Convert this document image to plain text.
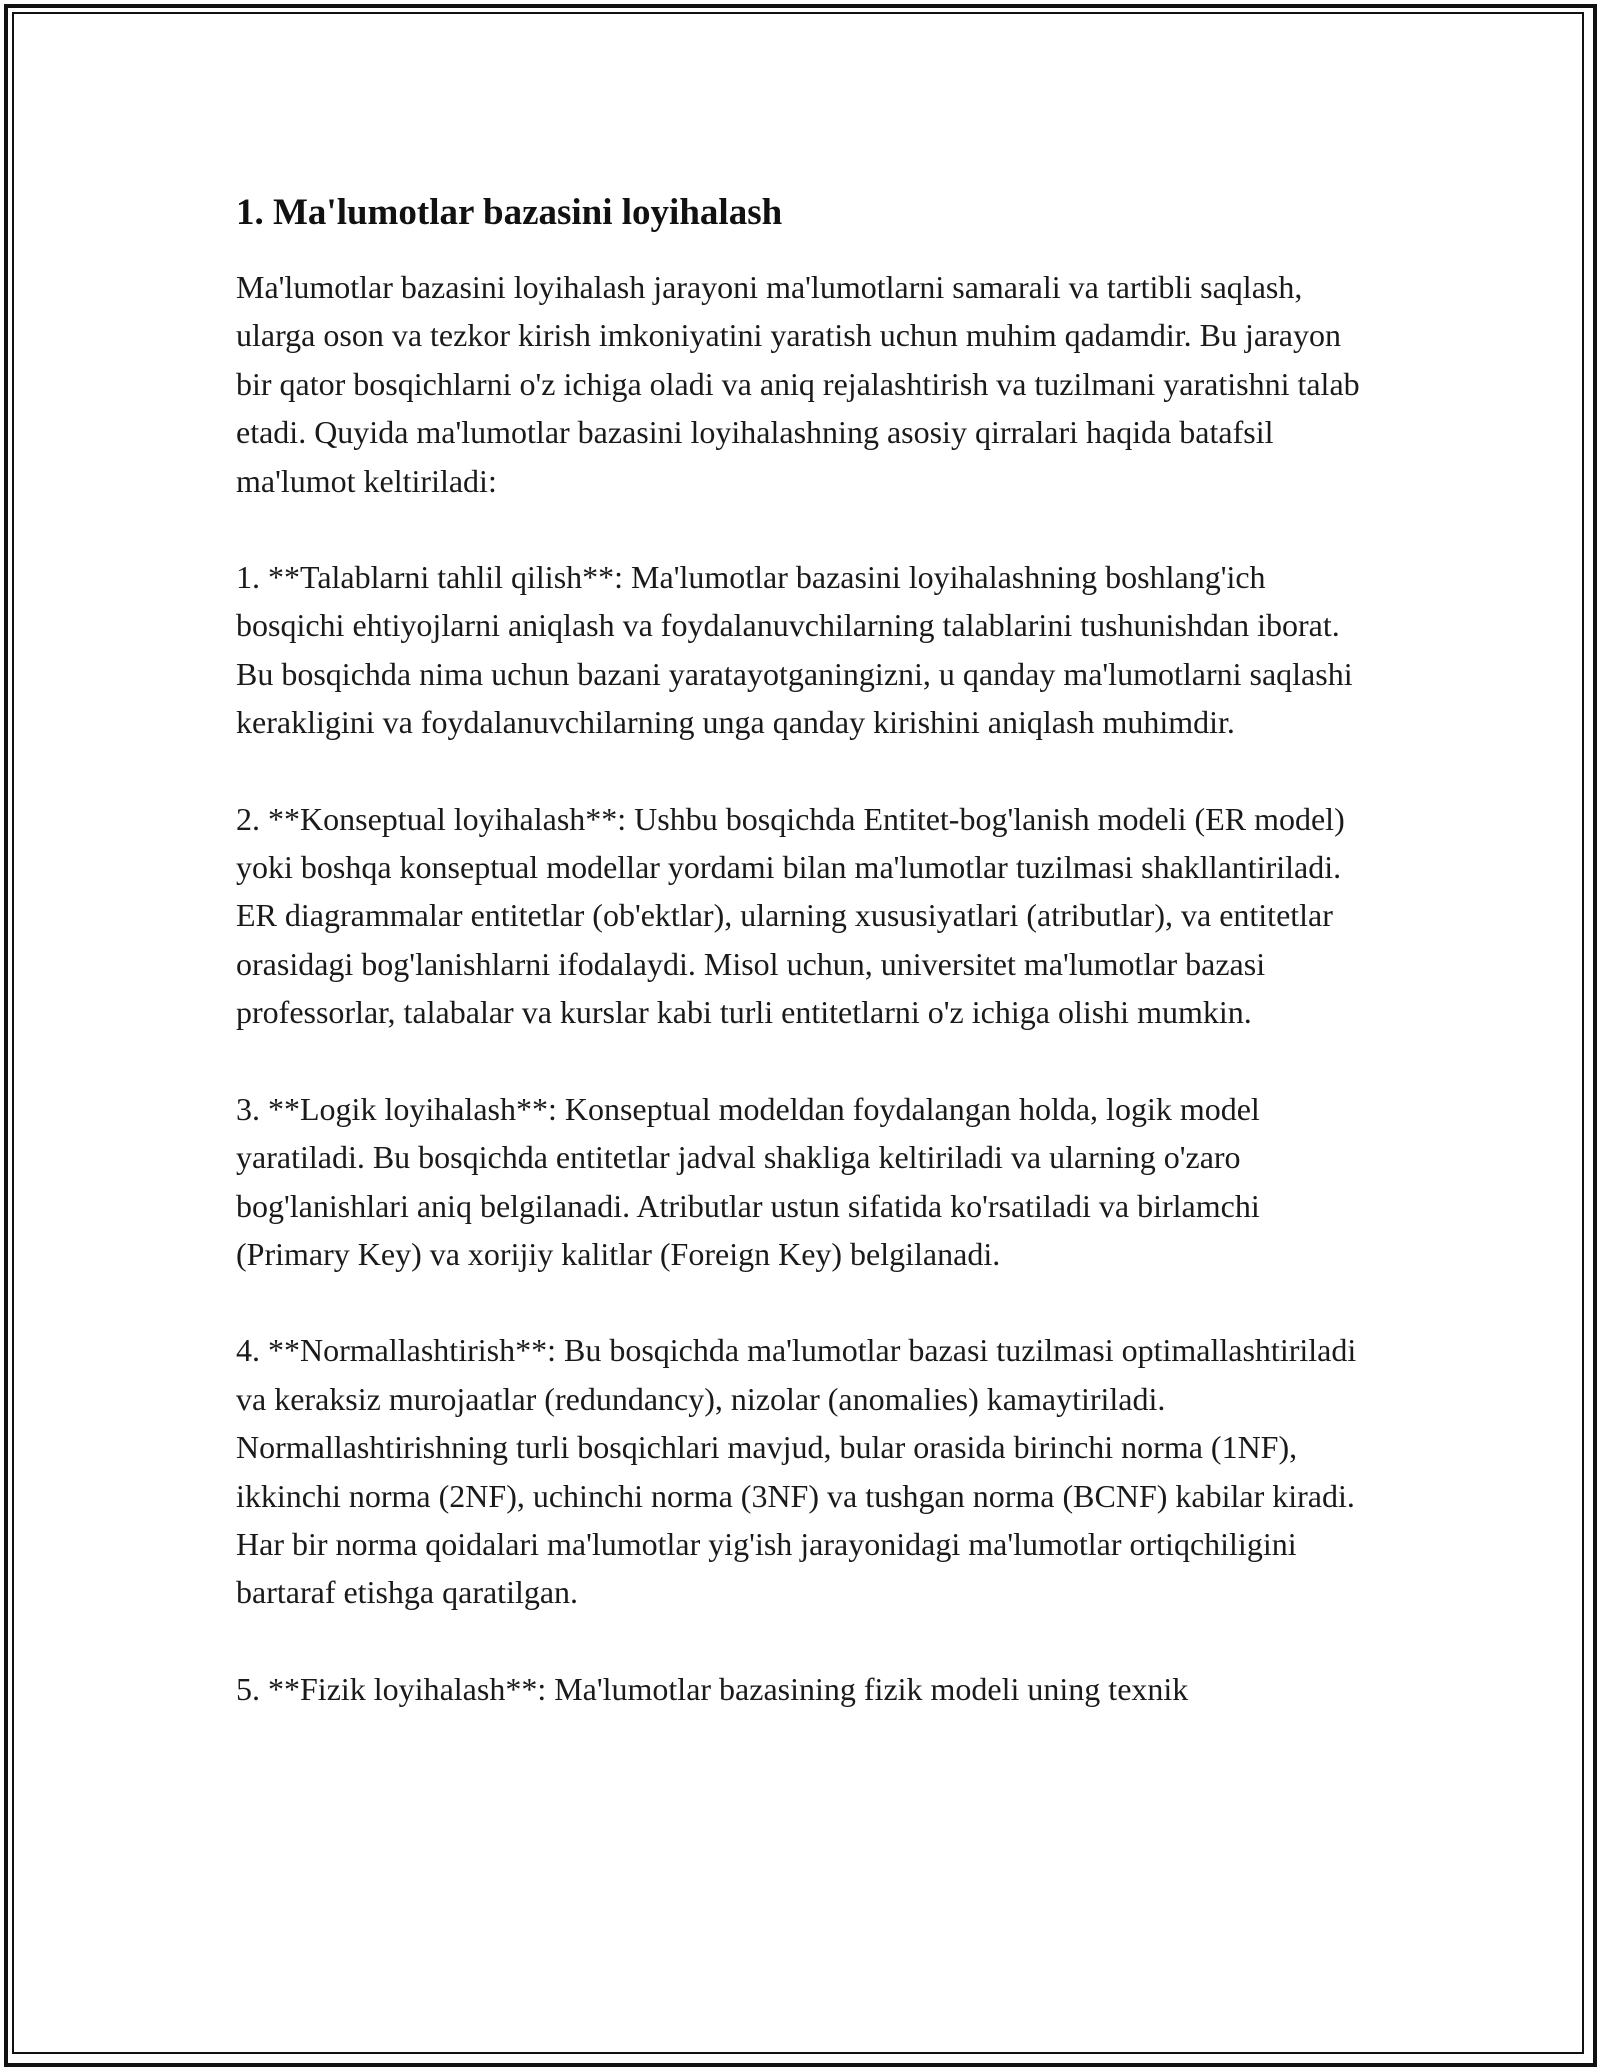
1. Ma'lumotlar bazasini loyihalash

Ma'lumotlar bazasini loyihalash jarayoni ma'lumotlarni samarali va tartibli saqlash, ularga oson va tezkor kirish imkoniyatini yaratish uchun muhim qadamdir. Bu jarayon bir qator bosqichlarni o'z ichiga oladi va aniq rejalashtirish va tuzilmani yaratishni talab etadi. Quyida ma'lumotlar bazasini loyihalashning asosiy qirralari haqida batafsil ma'lumot keltiriladi:

1. **Talablarni tahlil qilish**: Ma'lumotlar bazasini loyihalashning boshlang'ich bosqichi ehtiyojlarni aniqlash va foydalanuvchilarning talablarini tushunishdan iborat. Bu bosqichda nima uchun bazani yaratayotganingizni, u qanday ma'lumotlarni saqlashi kerakligini va foydalanuvchilarning unga qanday kirishini aniqlash muhimdir.

2. **Konseptual loyihalash**: Ushbu bosqichda Entitet-bog'lanish modeli (ER model) yoki boshqa konseptual modellar yordami bilan ma'lumotlar tuzilmasi shakllantiriladi. ER diagrammalar entitetlar (ob'ektlar), ularning xususiyatlari (atributlar), va entitetlar orasidagi bog'lanishlarni ifodalaydi. Misol uchun, universitet ma'lumotlar bazasi professorlar, talabalar va kurslar kabi turli entitetlarni o'z ichiga olishi mumkin.

3. **Logik loyihalash**: Konseptual modeldan foydalangan holda, logik model yaratiladi. Bu bosqichda entitetlar jadval shakliga keltiriladi va ularning o'zaro bog'lanishlari aniq belgilanadi. Atributlar ustun sifatida ko'rsatiladi va birlamchi (Primary Key) va xorijiy kalitlar (Foreign Key) belgilanadi.

4. **Normallashtirish**: Bu bosqichda ma'lumotlar bazasi tuzilmasi optimallashtiriladi va keraksiz murojaatlar (redundancy), nizolar (anomalies) kamaytiriladi. Normallashtirishning turli bosqichlari mavjud, bular orasida birinchi norma (1NF), ikkinchi norma (2NF), uchinchi norma (3NF) va tushgan norma (BCNF) kabilar kiradi. Har bir norma qoidalari ma'lumotlar yig'ish jarayonidagi ma'lumotlar ortiqchiligini bartaraf etishga qaratilgan.

5. **Fizik loyihalash**: Ma'lumotlar bazasining fizik modeli uning texnik
